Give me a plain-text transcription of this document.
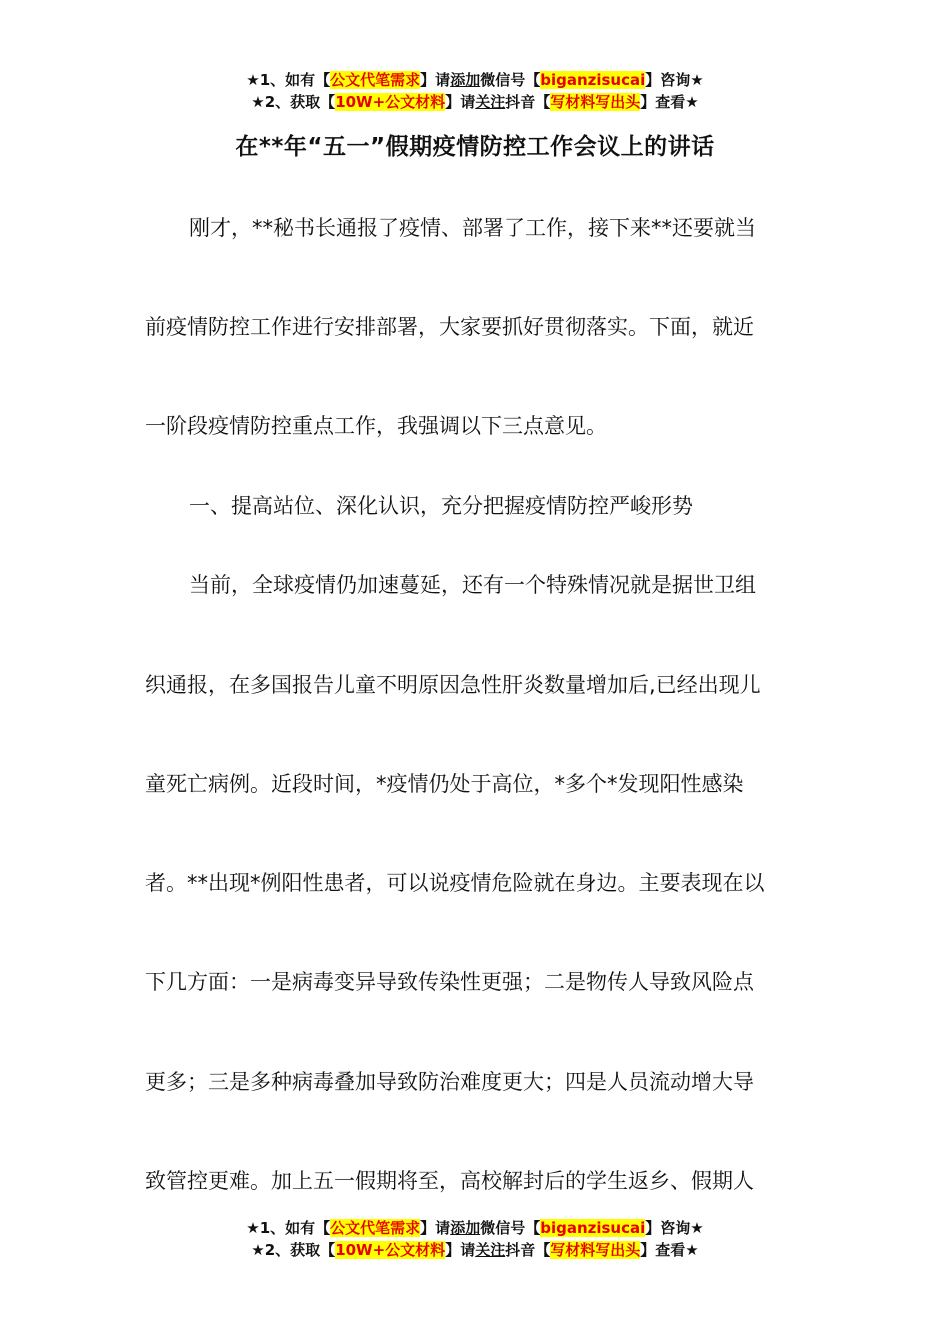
★1、如有【公文代笔需求】请添加微信号【biganzisucai】咨询★
★2、获取【10W+公文材料】请关注抖音【写材料写出头】查看★
在**年“五一”假期疫情防控工作会议上的讲话
刚才，**秘书长通报了疫情、部署了工作，接下来**还要就当
前疫情防控工作进行安排部署，大家要抓好贯彻落实。下面，就近
一阶段疫情防控重点工作，我强调以下三点意见。
一、提高站位、深化认识，充分把握疫情防控严峻形势
当前，全球疫情仍加速蔓延，还有一个特殊情况就是据世卫组
织通报，在多国报告儿童不明原因急性肝炎数量增加后,已经出现儿
童死亡病例。近段时间，*疫情仍处于高位，*多个*发现阳性感染
者。**出现*例阳性患者，可以说疫情危险就在身边。主要表现在以
下几方面：一是病毒变异导致传染性更强；二是物传人导致风险点
更多；三是多种病毒叠加导致防治难度更大；四是人员流动增大导
致管控更难。加上五一假期将至，高校解封后的学生返乡、假期人
★1、如有【公文代笔需求】请添加微信号【biganzisucai】咨询★
★2、获取【10W+公文材料】请关注抖音【写材料写出头】查看★
